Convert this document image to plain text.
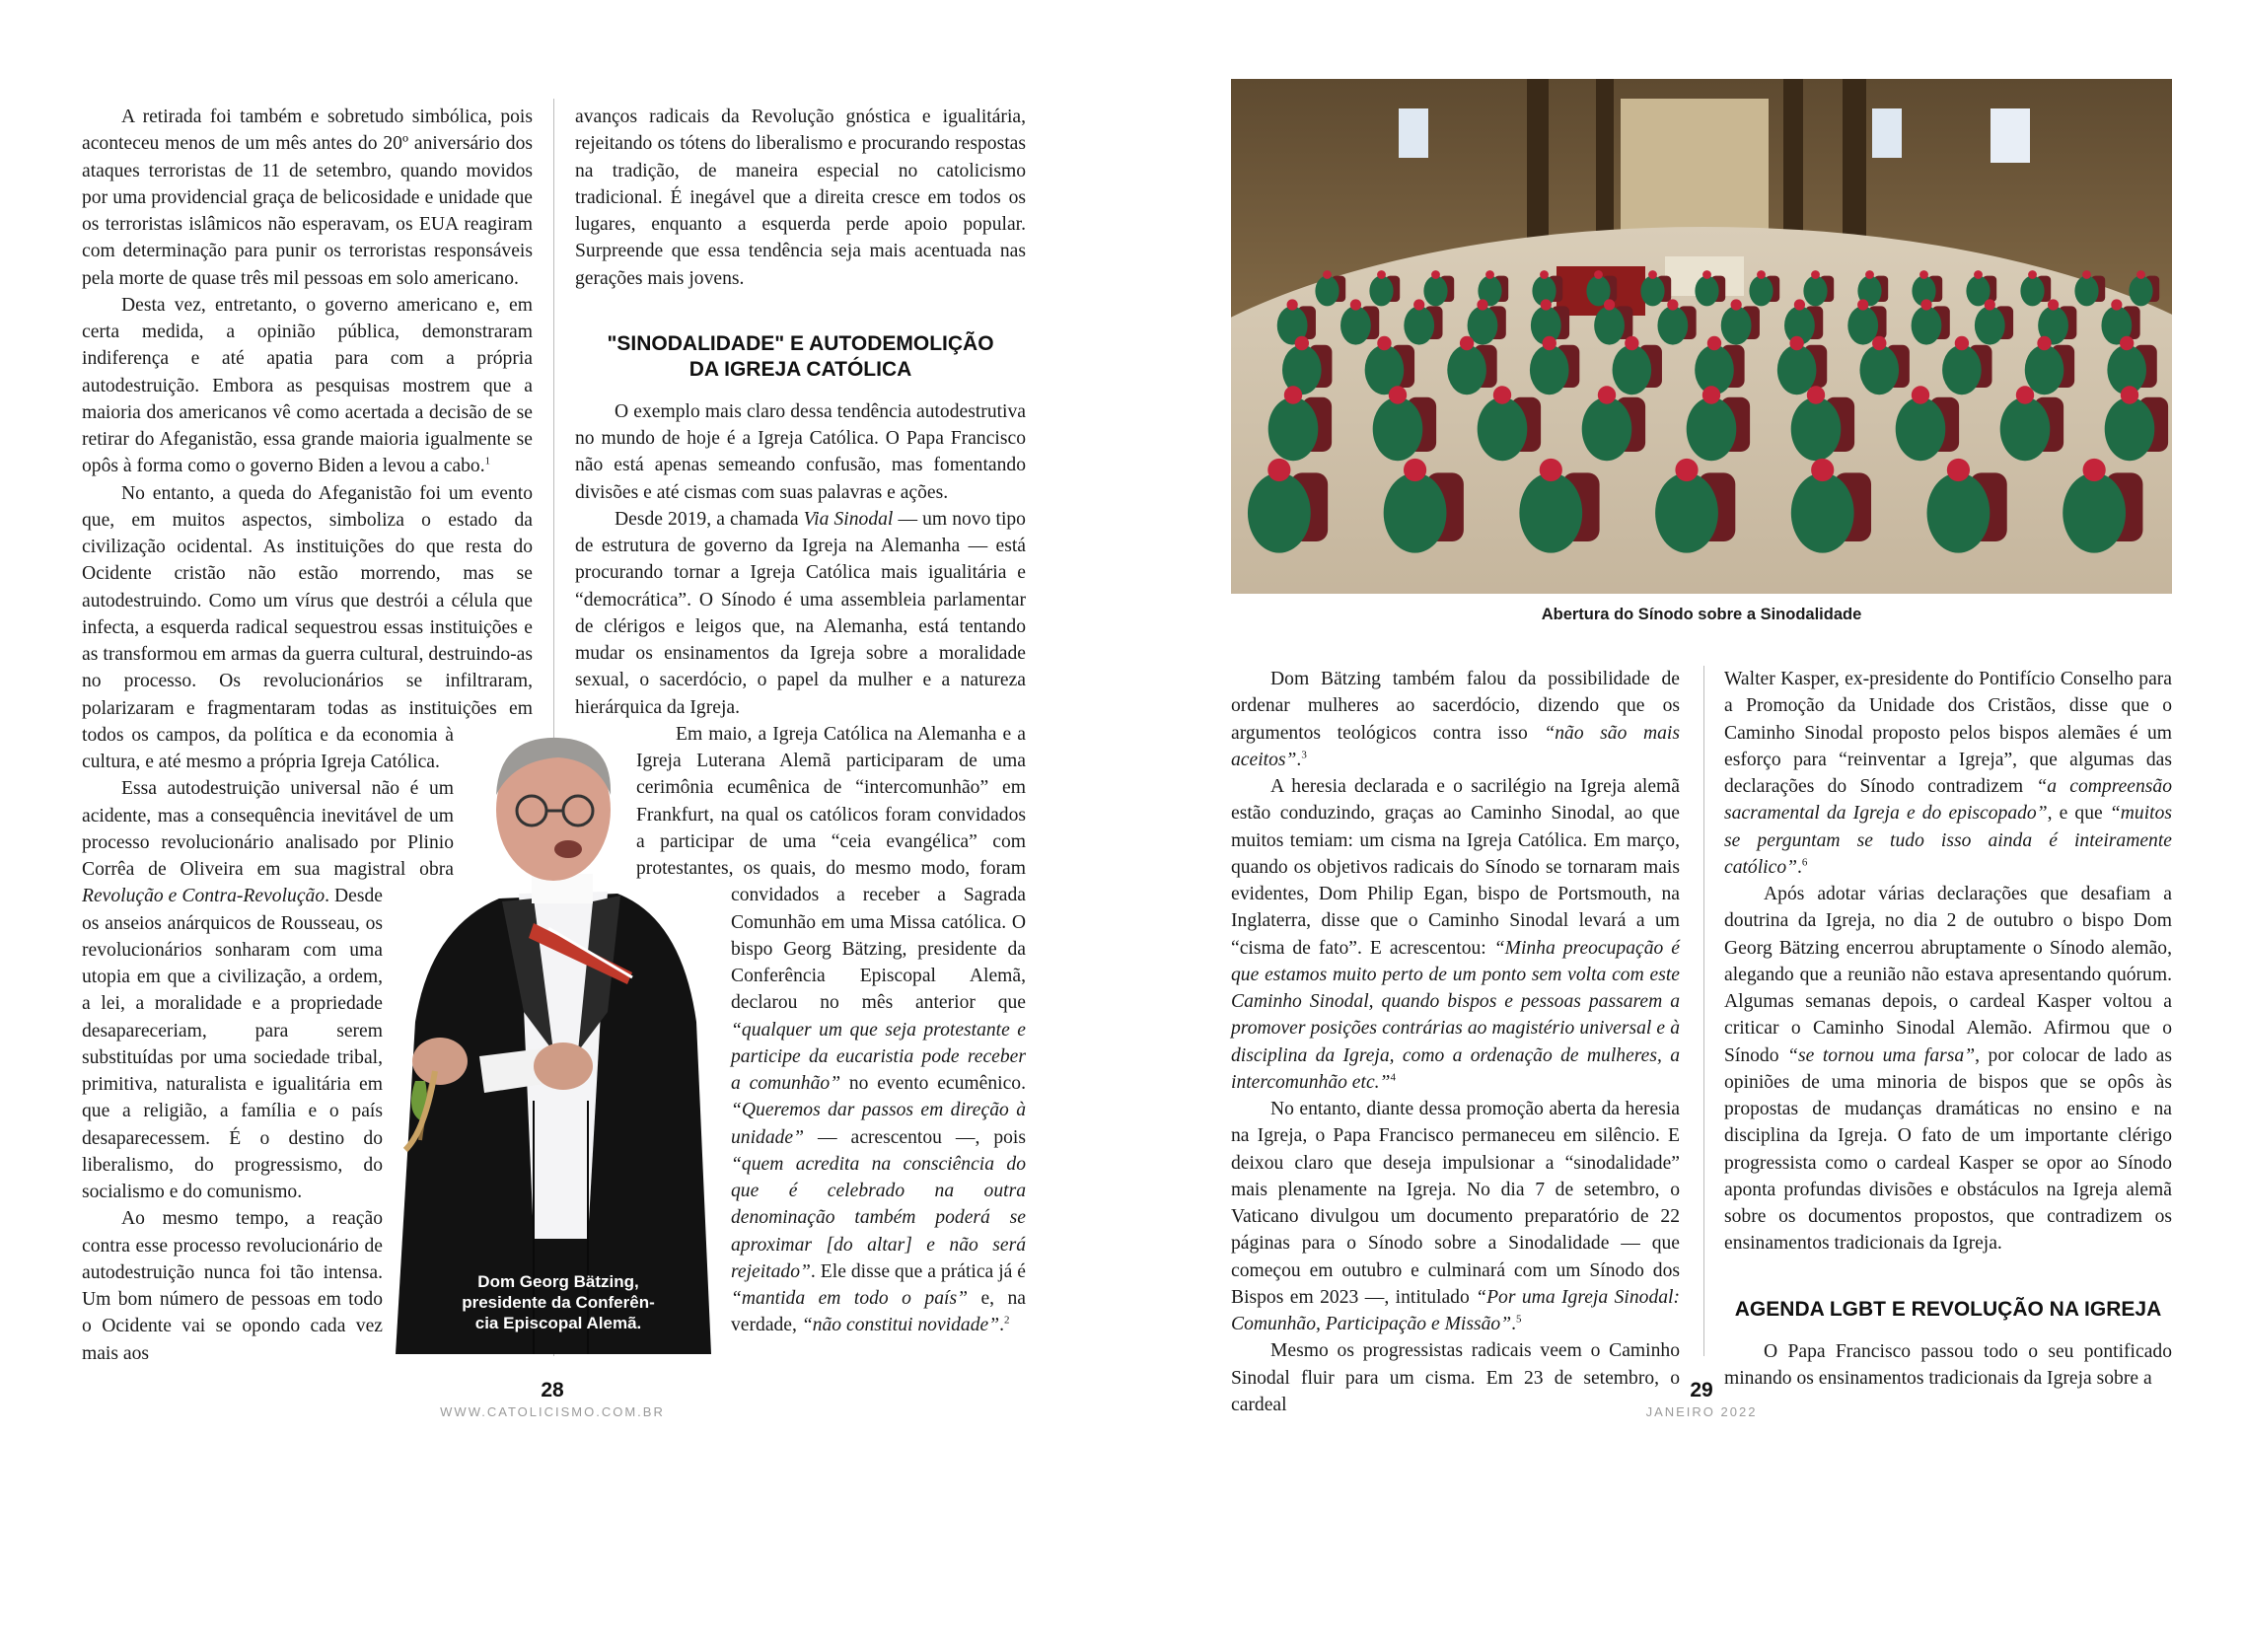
A retirada foi também e sobretudo simbólica, pois aconteceu menos de um mês antes do 20º aniversário dos ataques terroristas de 11 de setembro, quando movidos por uma providencial graça de belicosidade e unidade que os terroristas islâmicos não esperavam, os EUA reagiram com determinação para punir os terroristas responsáveis pela morte de quase três mil pessoas em solo americano.

Desta vez, entretanto, o governo americano e, em certa medida, a opinião pública, demonstraram indiferença e até apatia para com a própria autodestruição. Embora as pesquisas mostrem que a maioria dos americanos vê como acertada a decisão de se retirar do Afeganistão, essa grande maioria igualmente se opôs à forma como o governo Biden a levou a cabo.$^1$

No entanto, a queda do Afeganistão foi um evento que, em muitos aspectos, simboliza o estado da civilização ocidental. As instituições do que resta do Ocidente cristão não estão morrendo, mas se autodestruindo. Como um vírus que destrói a célula que infecta, a esquerda radical sequestrou essas instituições e as transformou em armas da guerra cultural, destruindo-as no processo. Os revolucionários se infiltraram, polarizaram e fragmentaram todas as instituições em todos os campos, da política e da economia à cultura, e até mesmo a própria Igreja Católica.

Essa autodestruição universal não é um acidente, mas a consequência inevitável de um processo revolucionário analisado por Plinio Corrêa de Oliveira em sua magistral obra Revolução e Contra-Revolução. Desde os anseios anárquicos de Rousseau, os revolucionários sonharam com uma utopia em que a civilização, a ordem, a lei, a moralidade e a propriedade desapareceriam, para serem substituídas por uma sociedade tribal, primitiva, naturalista e igualitária em que a religião, a família e o país desaparecessem. É o destino do liberalismo, do progressismo, do socialismo e do comunismo.

Ao mesmo tempo, a reação contra esse processo revolucionário de autodestruição nunca foi tão intensa. Um bom número de pessoas em todo o Ocidente vai se opondo cada vez mais aos

avanços radicais da Revolução gnóstica e igualitária, rejeitando os tótens do liberalismo e procurando respostas na tradição, de maneira especial no catolicismo tradicional. É inegável que a direita cresce em todos os lugares, enquanto a esquerda perde apoio popular. Surpreende que essa tendência seja mais acentuada nas gerações mais jovens.

"SINODALIDADE" E AUTODEMOLIÇÃO
DA IGREJA CATÓLICA

O exemplo mais claro dessa tendência autodestrutiva no mundo de hoje é a Igreja Católica. O Papa Francisco não está apenas semeando confusão, mas fomentando divisões e até cismas com suas palavras e ações.

Desde 2019, a chamada Via Sinodal — um novo tipo de estrutura de governo da Igreja na Alemanha — está procurando tornar a Igreja Católica mais igualitária e “democrática”. O Sínodo é uma assembleia parlamentar de clérigos e leigos que, na Alemanha, está tentando mudar os ensinamentos da Igreja sobre a moralidade sexual, o sacerdócio, o papel da mulher e a natureza hierárquica da Igreja.

Em maio, a Igreja Católica na Alemanha e a Igreja Luterana Alemã participaram de uma cerimônia ecumênica de “intercomunhão” em Frankfurt, na qual os católicos foram convidados a participar de uma “ceia evangélica” com protestantes, os quais, do mesmo modo, foram convidados a receber a Sagrada Comunhão em uma Missa católica. O bispo Georg Bätzing, presidente da Conferência Episcopal Alemã, declarou no mês anterior que “qualquer um que seja protestante e participe da eucaristia pode receber a comunhão” no evento ecumênico. “Queremos dar passos em direção à unidade” — acrescentou —, pois “quem acredita na consciência do que é celebrado na outra denominação também poderá se aproximar [do altar] e não será rejeitado”. Ele disse que a prática já é “mantida em todo o país” e, na verdade, “não constitui novidade”.$^2$

Dom Georg Bätzing,
presidente da Conferên-
cia Episcopal Alemã.
Abertura do Sínodo sobre a Sinodalidade

Dom Bätzing também falou da possibilidade de ordenar mulheres ao sacerdócio, dizendo que os argumentos teológicos contra isso “não são mais aceitos”.$^3$

A heresia declarada e o sacrilégio na Igreja alemã estão conduzindo, graças ao Caminho Sinodal, ao que muitos temiam: um cisma na Igreja Católica. Em março, quando os objetivos radicais do Sínodo se tornaram mais evidentes, Dom Philip Egan, bispo de Portsmouth, na Inglaterra, disse que o Caminho Sinodal levará a um “cisma de fato”. E acrescentou: “Minha preocupação é que estamos muito perto de um ponto sem volta com este Caminho Sinodal, quando bispos e pessoas passarem a promover posições contrárias ao magistério universal e à disciplina da Igreja, como a ordenação de mulheres, a intercomunhão etc.”$^4$

No entanto, diante dessa promoção aberta da heresia na Igreja, o Papa Francisco permaneceu em silêncio. E deixou claro que deseja impulsionar a “sinodalidade” mais plenamente na Igreja. No dia 7 de setembro, o Vaticano divulgou um documento preparatório de 22 páginas para o Sínodo sobre a Sinodalidade — que começou em outubro e culminará com um Sínodo dos Bispos em 2023 —, intitulado “Por uma Igreja Sinodal: Comunhão, Participação e Missão”.$^5$

Mesmo os progressistas radicais veem o Caminho Sinodal fluir para um cisma. Em 23 de setembro, o cardeal

Walter Kasper, ex-presidente do Pontifício Conselho para a Promoção da Unidade dos Cristãos, disse que o Caminho Sinodal proposto pelos bispos alemães é um esforço para “reinventar a Igreja”, que algumas das declarações do Sínodo contradizem “a compreensão sacramental da Igreja e do episcopado”, e que “muitos se perguntam se tudo isso ainda é inteiramente católico”.$^6$

Após adotar várias declarações que desafiam a doutrina da Igreja, no dia 2 de outubro o bispo Dom Georg Bätzing encerrou abruptamente o Sínodo alemão, alegando que a reunião não estava apresentando quórum. Algumas semanas depois, o cardeal Kasper voltou a criticar o Caminho Sinodal Alemão. Afirmou que o Sínodo “se tornou uma farsa”, por colocar de lado as opiniões de uma minoria de bispos que se opôs às propostas de mudanças dramáticas no ensino e na disciplina da Igreja. O fato de um importante clérigo progressista como o cardeal Kasper se opor ao Sínodo aponta profundas divisões e obstáculos na Igreja alemã sobre os documentos propostos, que contradizem os ensinamentos tradicionais da Igreja.

AGENDA LGBT E REVOLUÇÃO NA IGREJA

O Papa Francisco passou todo o seu pontificado minando os ensinamentos tradicionais da Igreja sobre a

28
WWW.CATOLICISMO.COM.BR
29
JANEIRO 2022
